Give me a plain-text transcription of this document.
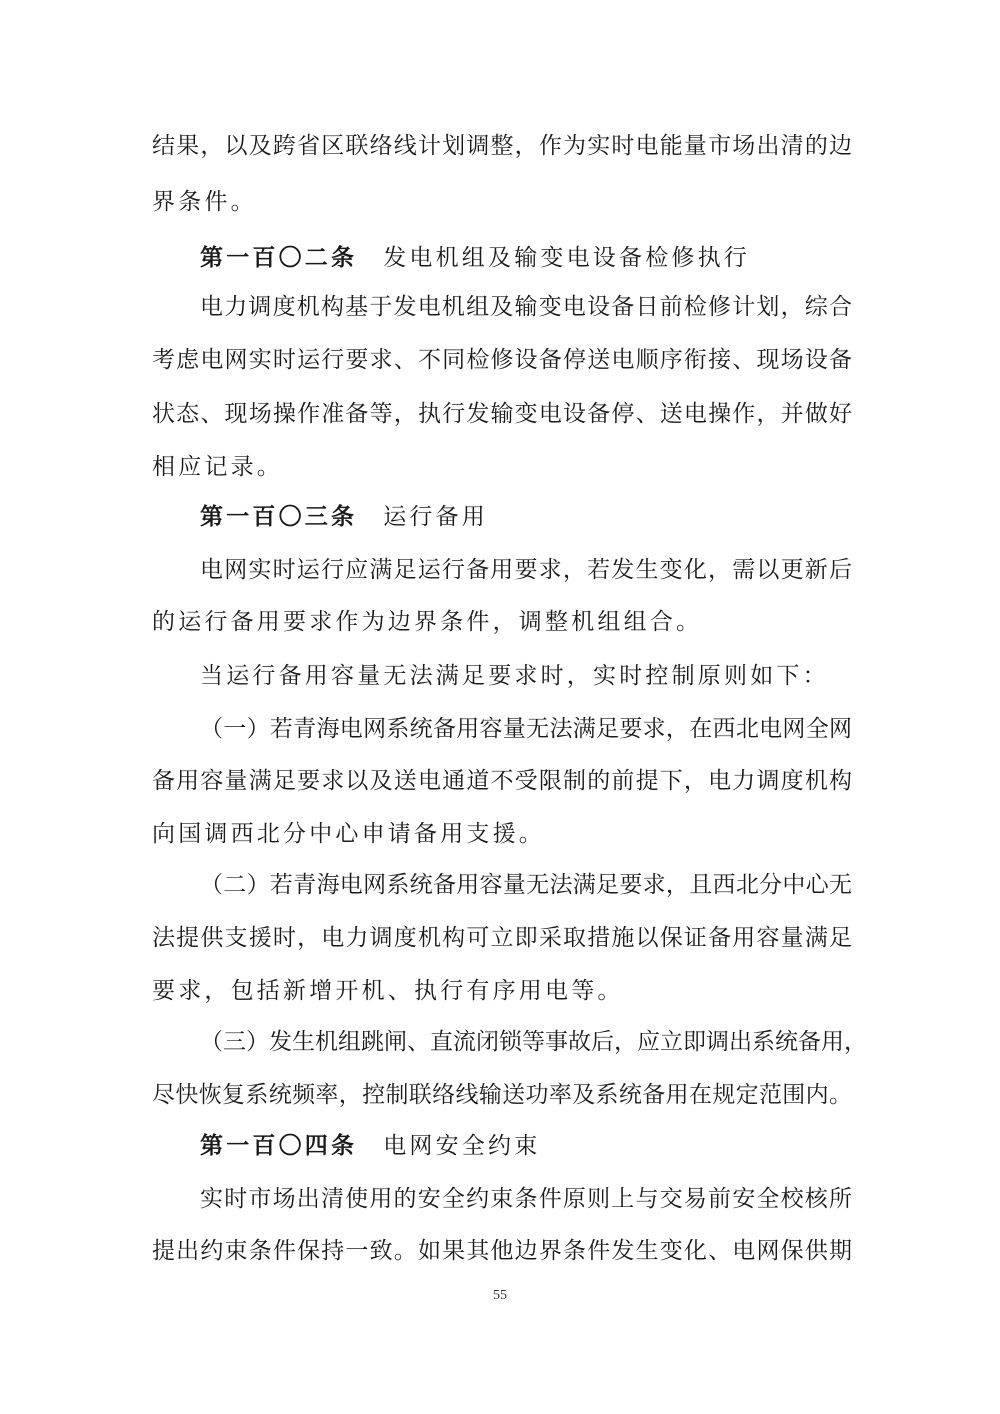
结果，以及跨省区联络线计划调整，作为实时电能量市场出清的边
界条件。
第一百〇二条 发电机组及输变电设备检修执行
电力调度机构基于发电机组及输变电设备日前检修计划，综合
考虑电网实时运行要求、不同检修设备停送电顺序衔接、现场设备
状态、现场操作准备等，执行发输变电设备停、送电操作，并做好
相应记录。
第一百〇三条 运行备用
电网实时运行应满足运行备用要求，若发生变化，需以更新后
的运行备用要求作为边界条件，调整机组组合。
当运行备用容量无法满足要求时，实时控制原则如下：
（一）若青海电网系统备用容量无法满足要求，在西北电网全网
备用容量满足要求以及送电通道不受限制的前提下，电力调度机构
向国调西北分中心申请备用支援。
（二）若青海电网系统备用容量无法满足要求，且西北分中心无
法提供支援时，电力调度机构可立即采取措施以保证备用容量满足
要求，包括新增开机、执行有序用电等。
（三）发生机组跳闸、直流闭锁等事故后，应立即调出系统备用，
尽快恢复系统频率，控制联络线输送功率及系统备用在规定范围内。
第一百〇四条 电网安全约束
实时市场出清使用的安全约束条件原则上与交易前安全校核所
提出约束条件保持一致。如果其他边界条件发生变化、电网保供期
55
